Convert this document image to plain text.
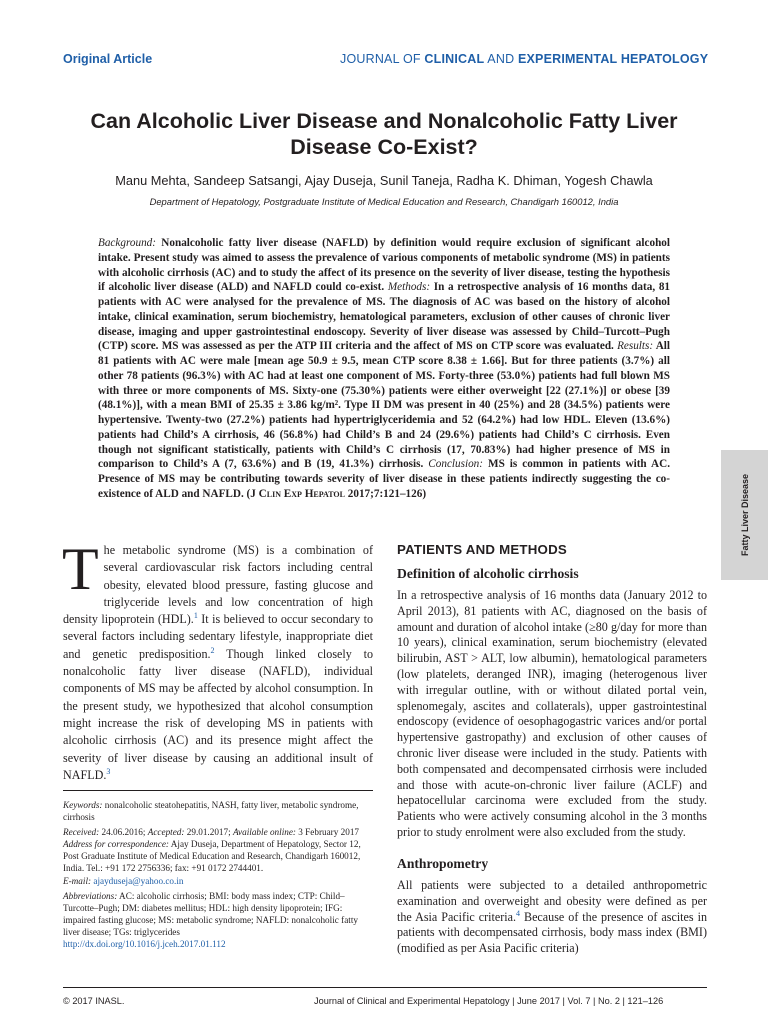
Original Article	JOURNAL OF CLINICAL AND EXPERIMENTAL HEPATOLOGY
Can Alcoholic Liver Disease and Nonalcoholic Fatty Liver Disease Co-Exist?
Manu Mehta, Sandeep Satsangi, Ajay Duseja, Sunil Taneja, Radha K. Dhiman, Yogesh Chawla
Department of Hepatology, Postgraduate Institute of Medical Education and Research, Chandigarh 160012, India
Background: Nonalcoholic fatty liver disease (NAFLD) by definition would require exclusion of significant alcohol intake. Present study was aimed to assess the prevalence of various components of metabolic syndrome (MS) in patients with alcoholic cirrhosis (AC) and to study the affect of its presence on the severity of liver disease, testing the hypothesis if alcoholic liver disease (ALD) and NAFLD could co-exist. Methods: In a retrospective analysis of 16 months data, 81 patients with AC were analysed for the prevalence of MS. The diagnosis of AC was based on the history of alcohol intake, clinical examination, serum biochemistry, hematological parameters, exclusion of other causes of chronic liver disease, imaging and upper gastrointestinal endoscopy. Severity of liver disease was assessed by Child–Turcott–Pugh (CTP) score. MS was assessed as per the ATP III criteria and the affect of MS on CTP score was evaluated. Results: All 81 patients with AC were male [mean age 50.9 ± 9.5, mean CTP score 8.38 ± 1.66]. But for three patients (3.7%) all other 78 patients (96.3%) with AC had at least one component of MS. Forty-three (53.0%) patients had full blown MS with three or more components of MS. Sixty-one (75.30%) patients were either overweight [22 (27.1%)] or obese [39 (48.1%)], with a mean BMI of 25.35 ± 3.86 kg/m². Type II DM was present in 40 (25%) and 28 (34.5%) patients were hypertensive. Twenty-two (27.2%) patients had hypertriglyceridemia and 52 (64.2%) had low HDL. Eleven (13.6%) patients had Child’s A cirrhosis, 46 (56.8%) had Child’s B and 24 (29.6%) patients had Child’s C cirrhosis. Even though not significant statistically, patients with Child’s C cirrhosis (17, 70.83%) had higher presence of MS in comparison to Child’s A (7, 63.6%) and B (19, 41.3%) cirrhosis. Conclusion: MS is common in patients with AC. Presence of MS may be contributing towards severity of liver disease in these patients indirectly suggesting the co-existence of ALD and NAFLD. (J Clin Exp Hepatol 2017;7:121–126)	Fatty Liver Disease
The metabolic syndrome (MS) is a combination of several cardiovascular risk factors including central obesity, elevated blood pressure, fasting glucose and triglyceride levels and low concentration of high density lipoprotein (HDL).$^1$ It is believed to occur secondary to several factors including sedentary lifestyle, inappropriate diet and genetic predisposition.$^2$ Though linked closely to nonalcoholic fatty liver disease (NAFLD), individual components of MS may be affected by alcohol consumption. In the present study, we hypothesized that alcohol consumption might increase the risk of developing MS in patients with alcoholic cirrhosis (AC) and its presence might affect the severity of liver disease by causing an additional insult of NAFLD.$^3$

Keywords: nonalcoholic steatohepatitis, NASH, fatty liver, metabolic syndrome, cirrhosis

Received: 24.06.2016; Accepted: 29.01.2017; Available online: 3 February 2017

Address for correspondence: Ajay Duseja, Department of Hepatology, Sector 12, Post Graduate Institute of Medical Education and Research, Chandigarh 160012, India. Tel.: +91 172 2756336; fax: +91 0172 2744401.

E-mail: ajayduseja@yahoo.co.in

Abbreviations: AC: alcoholic cirrhosis; BMI: body mass index; CTP: Child–Turcotte–Pugh; DM: diabetes mellitus; HDL: high density lipoprotein; IFG: impaired fasting glucose; MS: metabolic syndrome; NAFLD: nonalcoholic fatty liver disease; TGs: triglycerides

http://dx.doi.org/10.1016/j.jceh.2017.01.112

PATIENTS AND METHODS
Definition of alcoholic cirrhosis
In a retrospective analysis of 16 months data (January 2012 to April 2013), 81 patients with AC, diagnosed on the basis of amount and duration of alcohol intake (≥80 g/day for more than 10 years), clinical examination, serum biochemistry (elevated bilirubin, AST > ALT, low albumin), hematological parameters (low platelets, deranged INR), imaging (heterogenous liver with irregular outline, with or without dilated portal vein, splenomegaly, ascites and collaterals), upper gastrointestinal endoscopy (evidence of oesophagogastric varices and/or portal hypertensive gastropathy) and exclusion of other causes of chronic liver disease were included in the study. Patients with both compensated and decompensated cirrhosis were included and those with acute-on-chronic liver failure (ACLF) and hepatocellular carcinoma were excluded from the study. Patients who were actively consuming alcohol in the 3 months prior to study enrolment were also excluded from the study.
Anthropometry
All patients were subjected to a detailed anthropometric examination and overweight and obesity were defined as per the Asia Pacific criteria.$^4$ Because of the presence of ascites in patients with decompensated cirrhosis, body mass index (BMI) (modified as per Asia Pacific criteria)
© 2017 INASL.	Journal of Clinical and Experimental Hepatology | June 2017 | Vol. 7 | No. 2 | 121–126
